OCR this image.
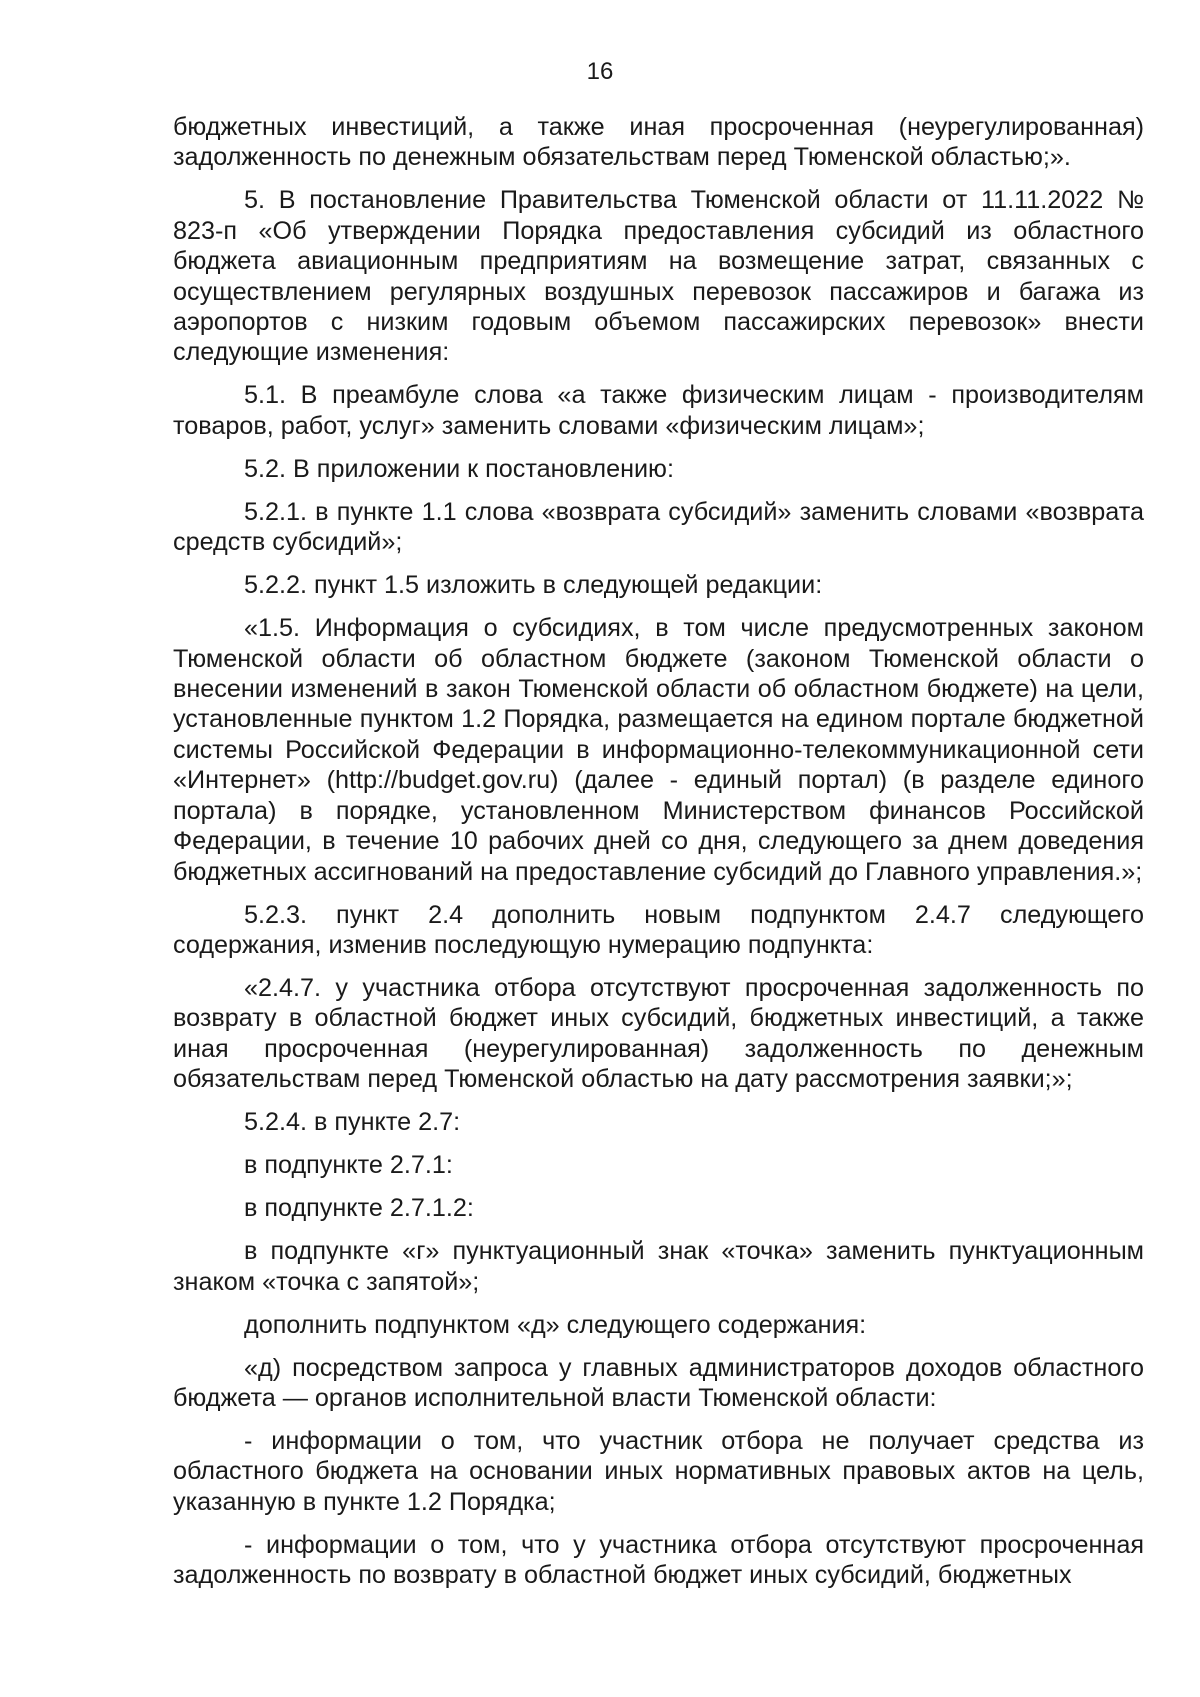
16

бюджетных инвестиций, а также иная просроченная (неурегулированная) задолженность по денежным обязательствам перед Тюменской областью;».

5. В постановление Правительства Тюменской области от 11.11.2022 № 823-п «Об утверждении Порядка предоставления субсидий из областного бюджета авиационным предприятиям на возмещение затрат, связанных с осуществлением регулярных воздушных перевозок пассажиров и багажа из аэропортов с низким годовым объемом пассажирских перевозок» внести следующие изменения:

5.1. В преамбуле слова «а также физическим лицам - производителям товаров, работ, услуг» заменить словами «физическим лицам»;

5.2. В приложении к постановлению:

5.2.1. в пункте 1.1 слова «возврата субсидий» заменить словами «возврата средств субсидий»;

5.2.2. пункт 1.5 изложить в следующей редакции:

«1.5. Информация о субсидиях, в том числе предусмотренных законом Тюменской области об областном бюджете (законом Тюменской области о внесении изменений в закон Тюменской области об областном бюджете) на цели, установленные пунктом 1.2 Порядка, размещается на едином портале бюджетной системы Российской Федерации в информационно-телекоммуникационной сети «Интернет» (http://budget.gov.ru) (далее - единый портал) (в разделе единого портала) в порядке, установленном Министерством финансов Российской Федерации, в течение 10 рабочих дней со дня, следующего за днем доведения бюджетных ассигнований на предоставление субсидий до Главного управления.»;

5.2.3. пункт 2.4 дополнить новым подпунктом 2.4.7 следующего содержания, изменив последующую нумерацию подпункта:

«2.4.7. у участника отбора отсутствуют просроченная задолженность по возврату в областной бюджет иных субсидий, бюджетных инвестиций, а также иная просроченная (неурегулированная) задолженность по денежным обязательствам перед Тюменской областью на дату рассмотрения заявки;»;

5.2.4. в пункте 2.7:

в подпункте 2.7.1:

в подпункте 2.7.1.2:

в подпункте «г» пунктуационный знак «точка» заменить пунктуационным знаком «точка с запятой»;

дополнить подпунктом «д» следующего содержания:

«д) посредством запроса у главных администраторов доходов областного бюджета — органов исполнительной власти Тюменской области:

- информации о том, что участник отбора не получает средства из областного бюджета на основании иных нормативных правовых актов на цель, указанную в пункте 1.2 Порядка;

- информации о том, что у участника отбора отсутствуют просроченная задолженность по возврату в областной бюджет иных субсидий, бюджетных
